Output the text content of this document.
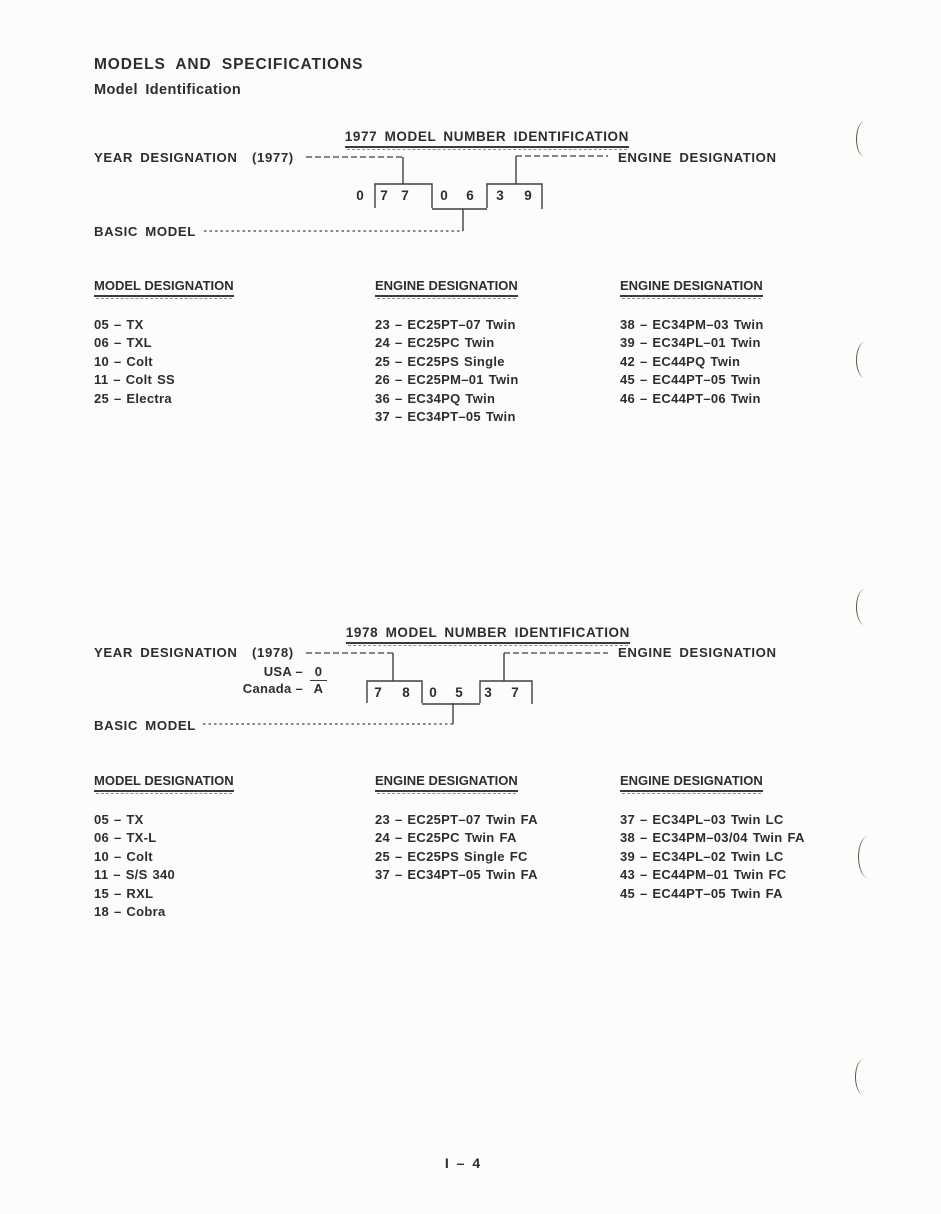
MODELS AND SPECIFICATIONS
Model Identification

1977 MODEL NUMBER IDENTIFICATION

YEAR DESIGNATION  (1977)	ENGINE DESIGNATION
BASIC MODEL
0 7 7 0 6 3 9
MODEL DESIGNATION
05 – TX
06 – TXL
10 – Colt
11 – Colt SS
25 – Electra
ENGINE DESIGNATION
23 – EC25PT–07 Twin
24 – EC25PC Twin
25 – EC25PS Single
26 – EC25PM–01 Twin
36 – EC34PQ Twin
37 – EC34PT–05 Twin
ENGINE DESIGNATION
38 – EC34PM–03 Twin
39 – EC34PL–01 Twin
42 – EC44PQ Twin
45 – EC44PT–05 Twin
46 – EC44PT–06 Twin

1978 MODEL NUMBER IDENTIFICATION

YEAR DESIGNATION  (1978)
USA – 0
Canada – A
ENGINE DESIGNATION
BASIC MODEL
7 8 0 5 3 7
MODEL DESIGNATION
05 – TX
06 – TX-L
10 – Colt
11 – S/S 340
15 – RXL
18 – Cobra
ENGINE DESIGNATION
23 – EC25PT–07 Twin FA
24 – EC25PC Twin FA
25 – EC25PS Single FC
37 – EC34PT–05 Twin FA
ENGINE DESIGNATION
37 – EC34PL–03 Twin LC
38 – EC34PM–03/04 Twin FA
39 – EC34PL–02 Twin LC
43 – EC44PM–01 Twin FC
45 – EC44PT–05 Twin FA
I – 4
